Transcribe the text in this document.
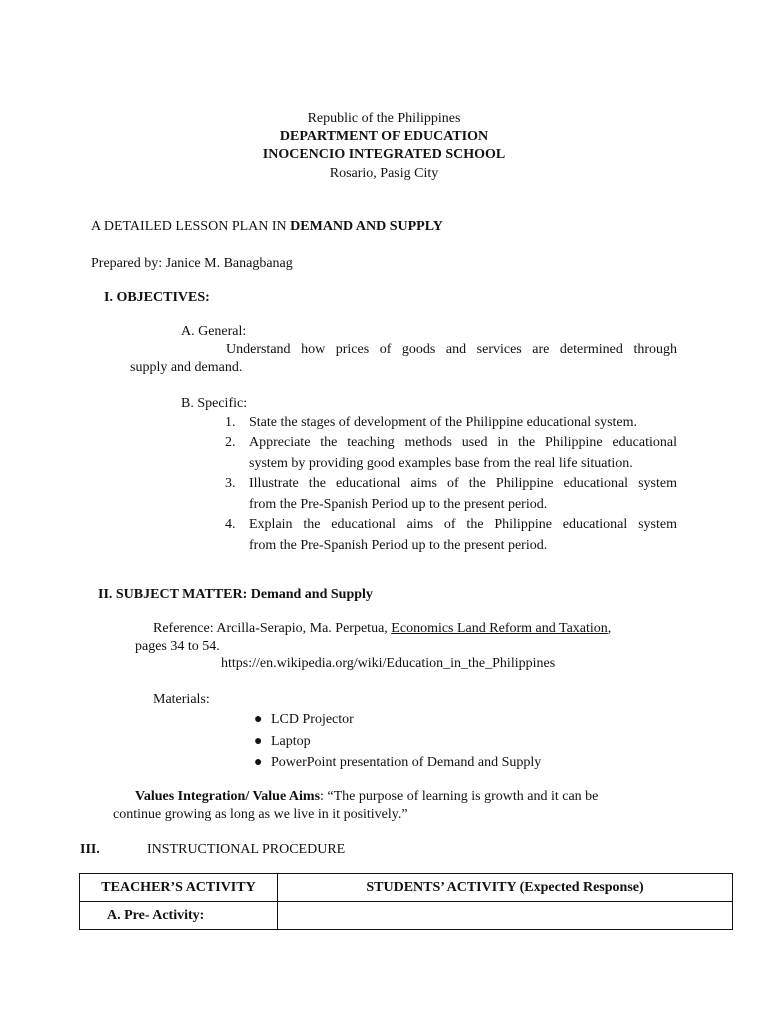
Republic of the Philippines
DEPARTMENT OF EDUCATION
INOCENCIO INTEGRATED SCHOOL
Rosario, Pasig City
A DETAILED LESSON PLAN IN DEMAND AND SUPPLY
Prepared by: Janice M. Banagbanag
I. OBJECTIVES:
A. General:
Understand how prices of goods and services are determined through
supply and demand.
B. Specific:
1. State the stages of development of the Philippine educational system.
2. Appreciate the teaching methods used in the Philippine educational
system by providing good examples base from the real life situation.
3. Illustrate the educational aims of the Philippine educational system
from the Pre-Spanish Period up to the present period.
4. Explain the educational aims of the Philippine educational system
from the Pre-Spanish Period up to the present period.
II. SUBJECT MATTER: Demand and Supply
Reference: Arcilla-Serapio, Ma. Perpetua, Economics Land Reform and Taxation,
pages 34 to 54.
https://en.wikipedia.org/wiki/Education_in_the_Philippines
Materials:
● LCD Projector
● Laptop
● PowerPoint presentation of Demand and Supply
Values Integration/ Value Aims: “The purpose of learning is growth and it can be
continue growing as long as we live in it positively.”
III.	INSTRUCTIONAL PROCEDURE
TEACHER’S ACTIVITY	STUDENTS’ ACTIVITY (Expected Response)
A. Pre- Activity:	
